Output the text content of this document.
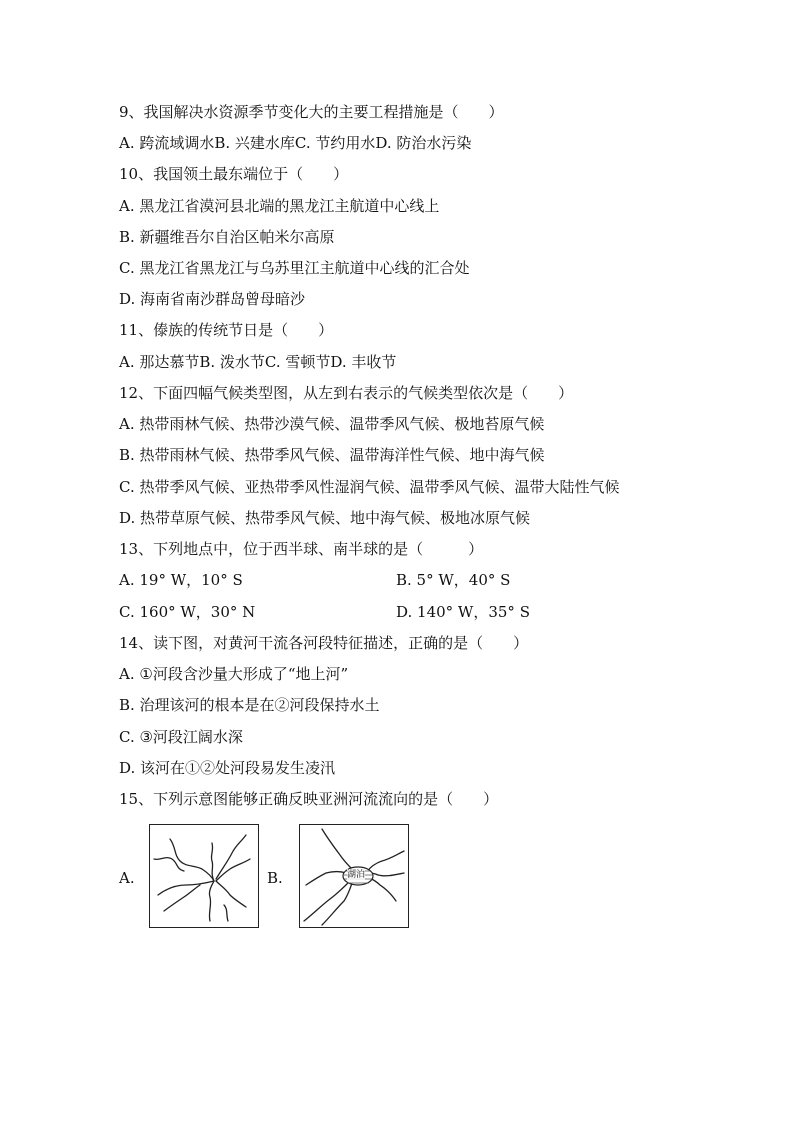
9、我国解决水资源季节变化大的主要工程措施是（　　）
A. 跨流域调水B. 兴建水库C. 节约用水D. 防治水污染
10、我国领土最东端位于（　　）
A. 黑龙江省漠河县北端的黑龙江主航道中心线上
B. 新疆维吾尔自治区帕米尔高原
C. 黑龙江省黑龙江与乌苏里江主航道中心线的汇合处
D. 海南省南沙群岛曾母暗沙
11、傣族的传统节日是（　　）
A. 那达慕节B. 泼水节C. 雪顿节D. 丰收节
12、下面四幅气候类型图，从左到右表示的气候类型依次是（　　）
A. 热带雨林气候、热带沙漠气候、温带季风气候、极地苔原气候
B. 热带雨林气候、热带季风气候、温带海洋性气候、地中海气候
C. 热带季风气候、亚热带季风性湿润气候、温带季风气候、温带大陆性气候
D. 热带草原气候、热带季风气候、地中海气候、极地冰原气候
13、下列地点中，位于西半球、南半球的是（　　　）
A. 19° W，10° S	B. 5° W，40° S
C. 160° W，30° N	D. 140° W，35° S
14、读下图，对黄河干流各河段特征描述，正确的是（　　）
A. ①河段含沙量大形成了“地上河”
B. 治理该河的根本是在②河段保持水土
C. ③河段江阔水深
D. 该河在①②处河段易发生凌汛
15、下列示意图能够正确反映亚洲河流流向的是（　　）
A.	B.	湖泊
